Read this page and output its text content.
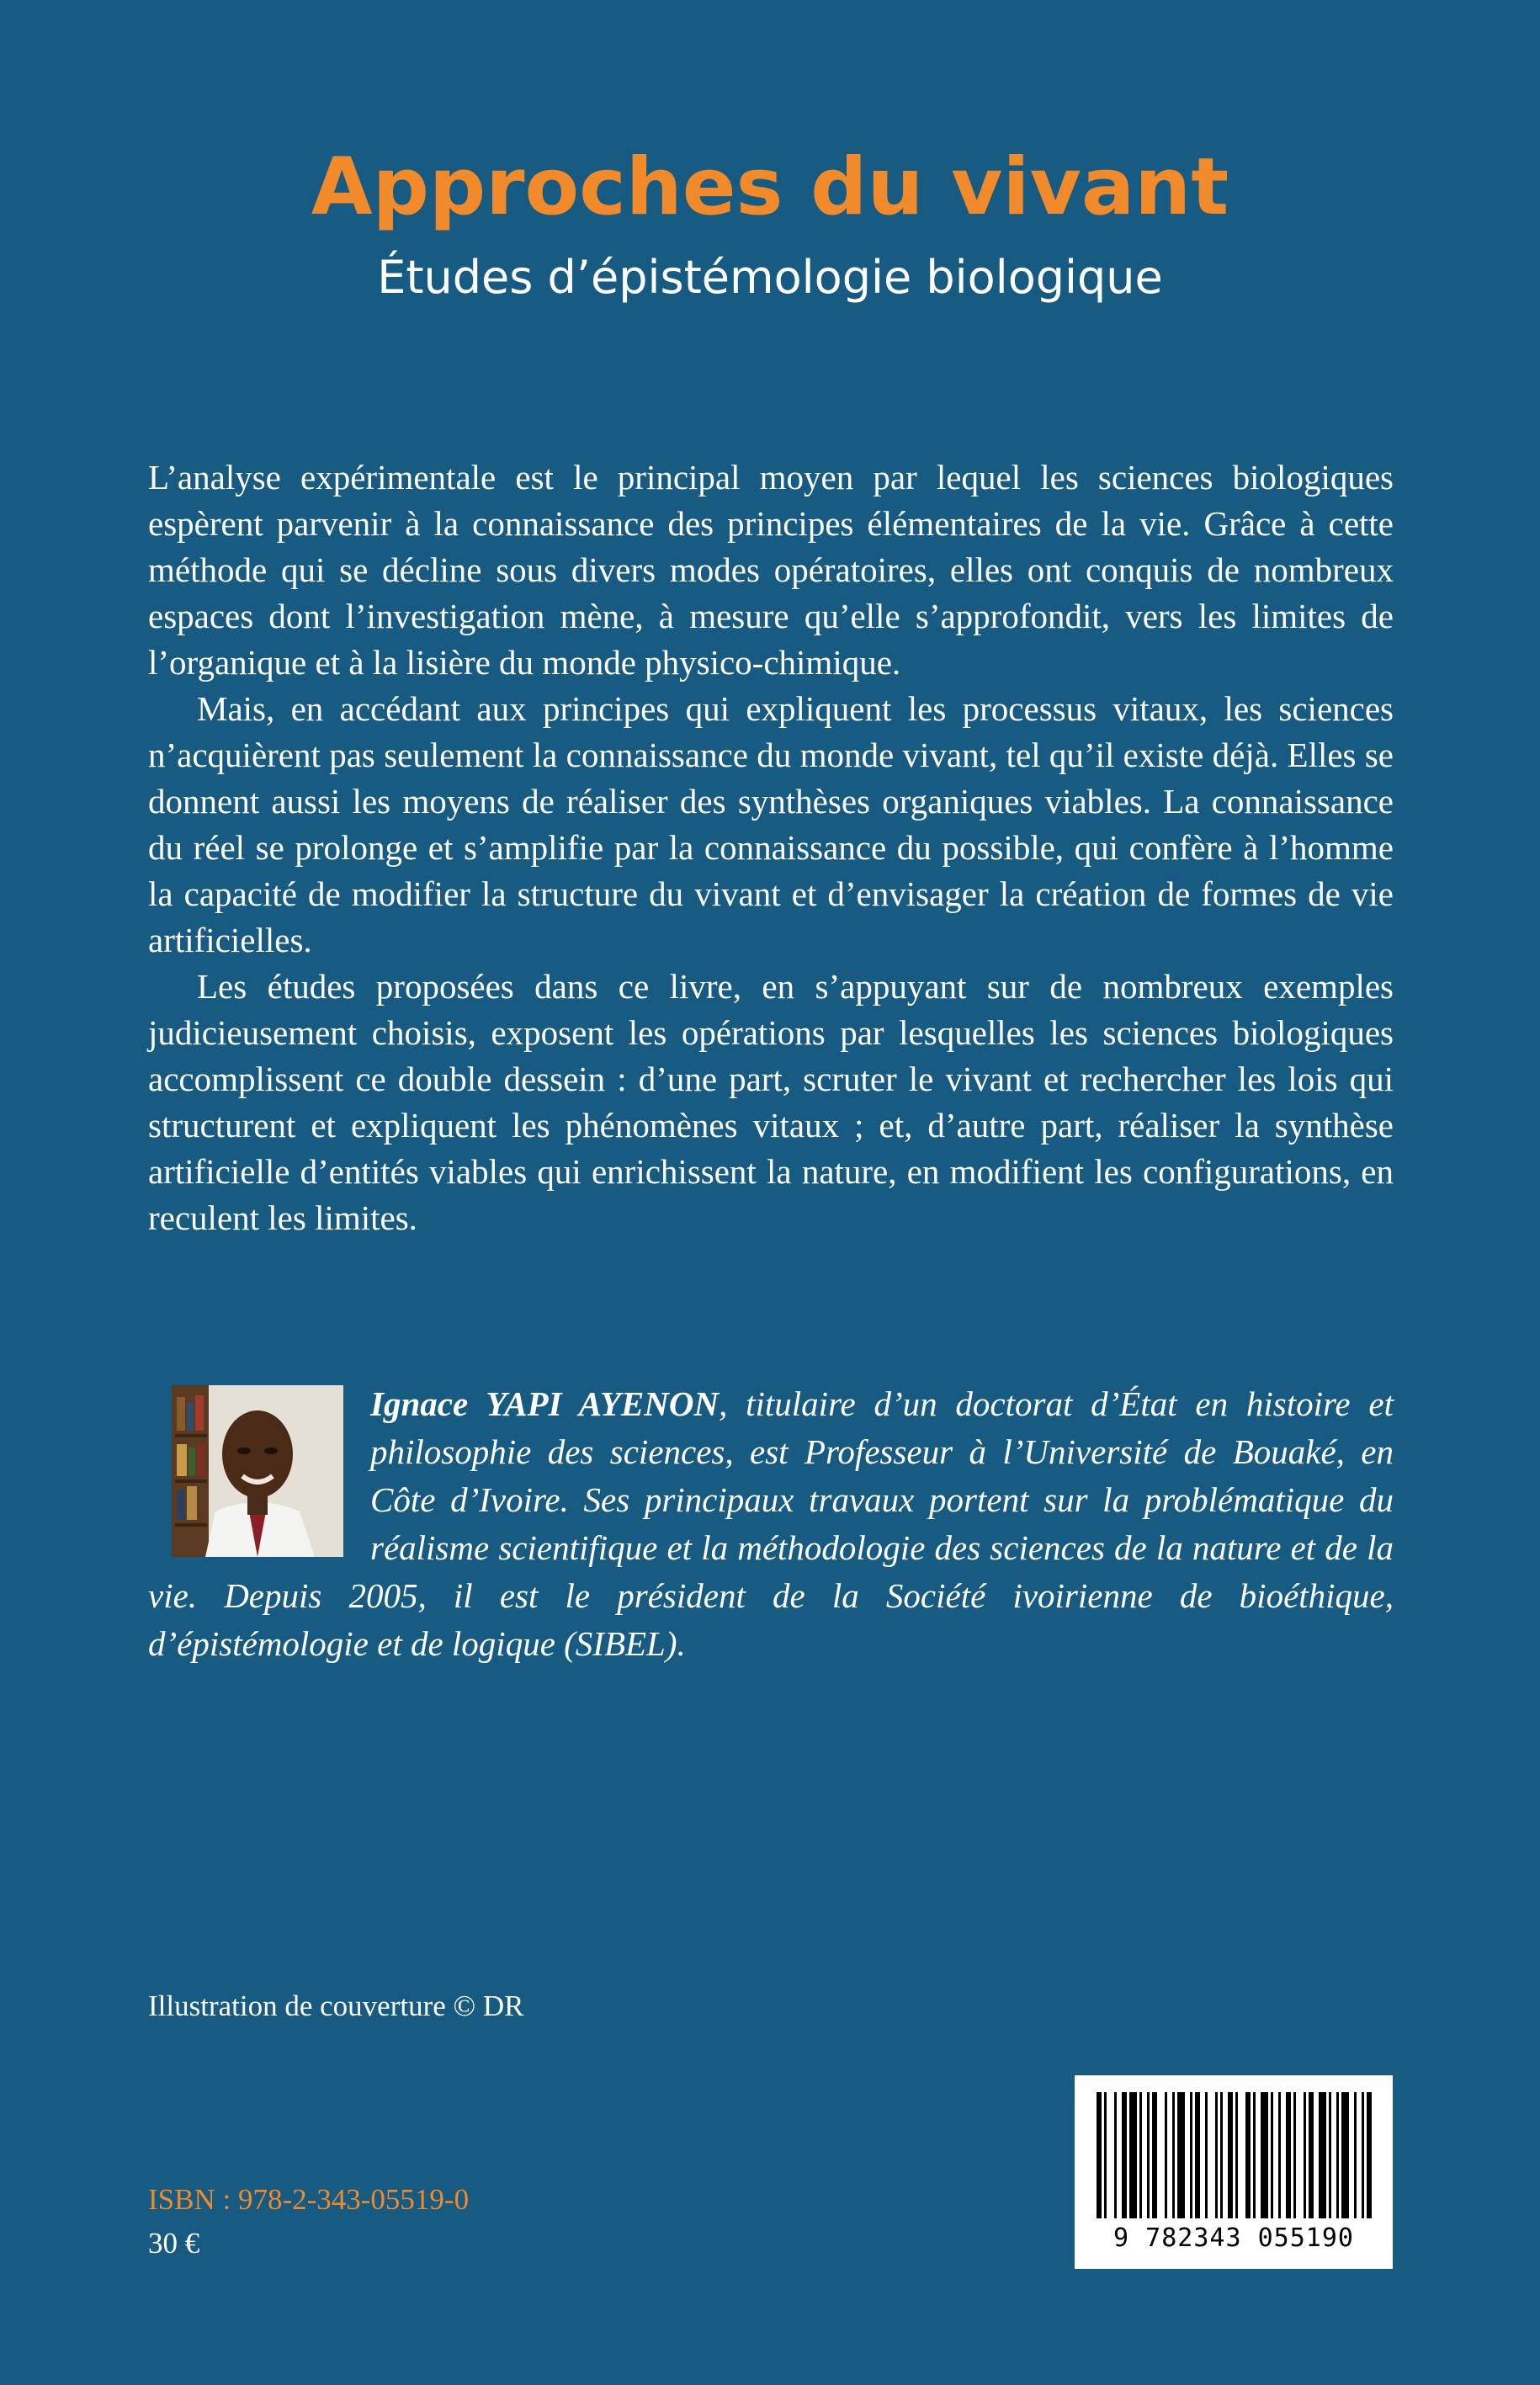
Approches du vivant
Études d’épistémologie biologique

L’analyse expérimentale est le principal moyen par lequel les sciences biologiques espèrent parvenir à la connaissance des principes élémentaires de la vie. Grâce à cette méthode qui se décline sous divers modes opératoires, elles ont conquis de nombreux espaces dont l’investigation mène, à mesure qu’elle s’approfondit, vers les limites de l’organique et à la lisière du monde physico-chimique.

Mais, en accédant aux principes qui expliquent les processus vitaux, les sciences n’acquièrent pas seulement la connaissance du monde vivant, tel qu’il existe déjà. Elles se donnent aussi les moyens de réaliser des synthèses organiques viables. La connaissance du réel se prolonge et s’amplifie par la connaissance du possible, qui confère à l’homme la capacité de modifier la structure du vivant et d’envisager la création de formes de vie artificielles.

Les études proposées dans ce livre, en s’appuyant sur de nombreux exemples judicieusement choisis, exposent les opérations par lesquelles les sciences biologiques accomplissent ce double dessein : d’une part, scruter le vivant et rechercher les lois qui structurent et expliquent les phénomènes vitaux ; et, d’autre part, réaliser la synthèse artificielle d’entités viables qui enrichissent la nature, en modifient les configurations, en reculent les limites.

Ignace YAPI AYENON, titulaire d’un doctorat d’État en histoire et philosophie des sciences, est Professeur à l’Université de Bouaké, en Côte d’Ivoire. Ses principaux travaux portent sur la problématique du réalisme scientifique et la méthodologie des sciences de la nature et de la vie. Depuis 2005, il est le président de la Société ivoirienne de bioéthique, d’épistémologie et de logique (SIBEL).
Illustration de couverture © DR
ISBN : 978-2-343-05519-0
30 €	9 782343 055190
